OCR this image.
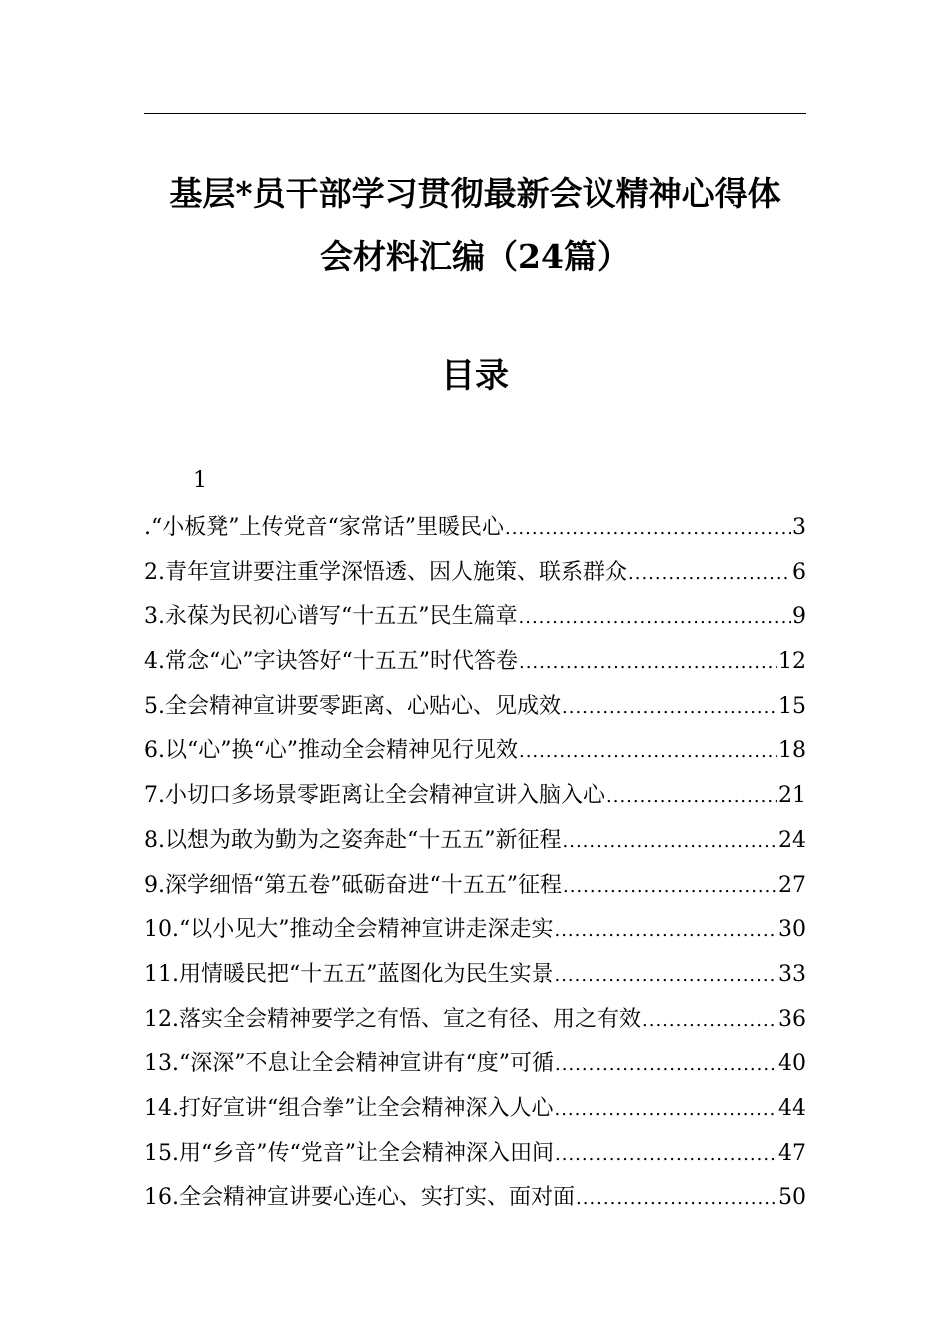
基层*员干部学习贯彻最新会议精神心得体
会材料汇编（24篇）
目录
1
.“小板凳”上传党音“家常话”里暖民心 .....	3
2.青年宣讲要注重学深悟透、因人施策、联系群众 .....	6
3.永葆为民初心谱写“十五五”民生篇章 .....	9
4.常念“心”字诀答好“十五五”时代答卷 .....	12
5.全会精神宣讲要零距离、心贴心、见成效 .....	15
6.以“心”换“心”推动全会精神见行见效 .....	18
7.小切口多场景零距离让全会精神宣讲入脑入心 .....	21
8.以想为敢为勤为之姿奔赴“十五五”新征程 .....	24
9.深学细悟“第五卷”砥砺奋进“十五五”征程 .....	27
10.“以小见大”推动全会精神宣讲走深走实 .....	30
11.用情暖民把“十五五”蓝图化为民生实景 .....	33
12.落实全会精神要学之有悟、宣之有径、用之有效 .....	36
13.“深深”不息让全会精神宣讲有“度”可循 .....	40
14.打好宣讲“组合拳”让全会精神深入人心 .....	44
15.用“乡音”传“党音”让全会精神深入田间 .....	47
16.全会精神宣讲要心连心、实打实、面对面 .....	50
